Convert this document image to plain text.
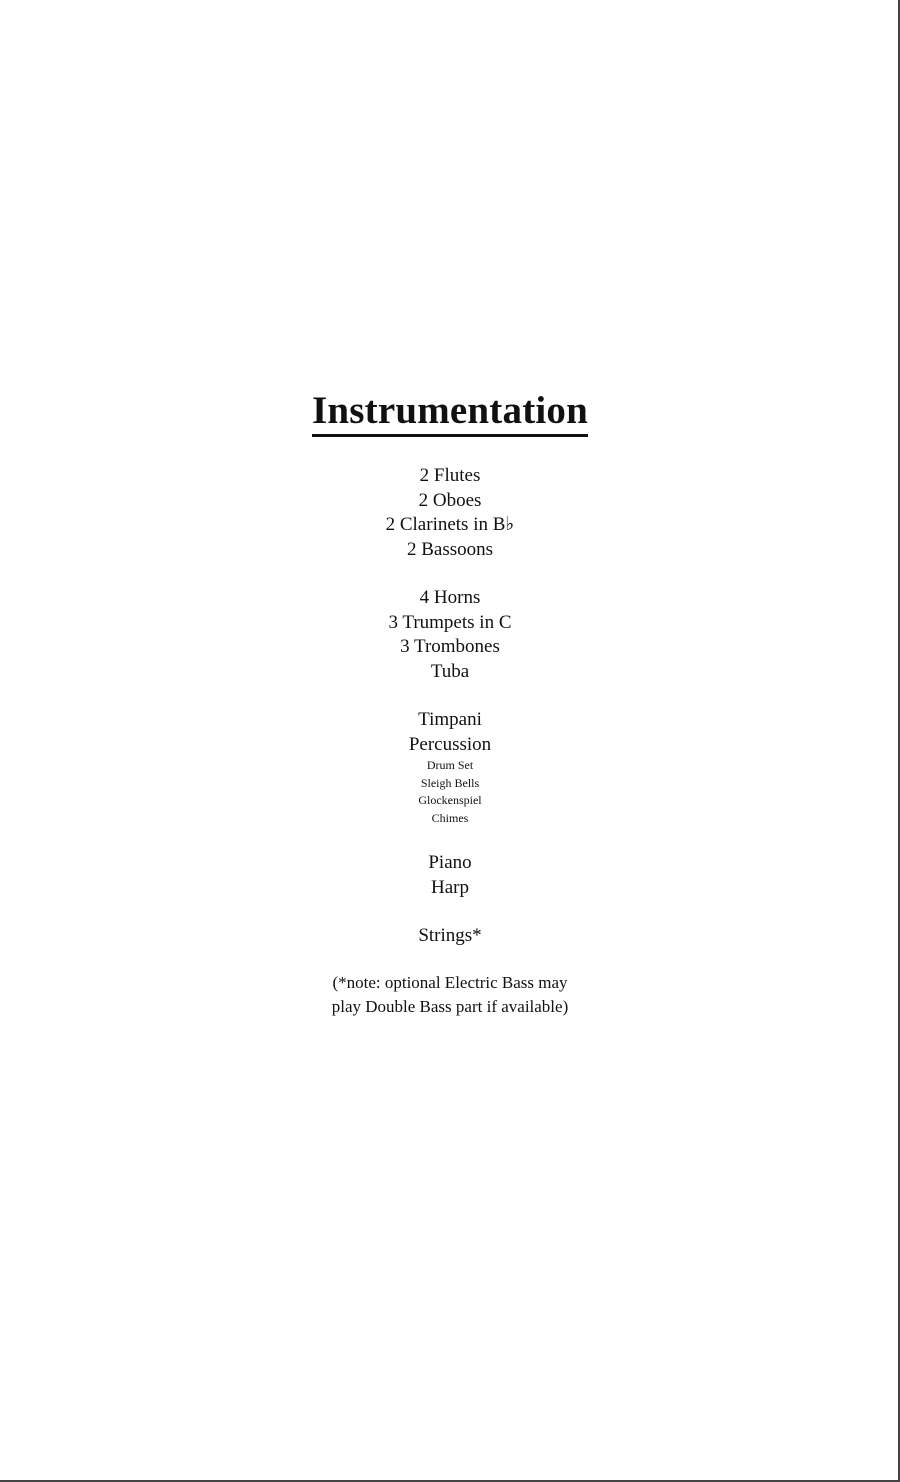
Instrumentation
2 Flutes
2 Oboes
2 Clarinets in B♭
2 Bassoons
4 Horns
3 Trumpets in C
3 Trombones
Tuba
Timpani
Percussion
Drum Set
Sleigh Bells
Glockenspiel
Chimes
Piano
Harp
Strings*
(*note: optional Electric Bass may
play Double Bass part if available)
